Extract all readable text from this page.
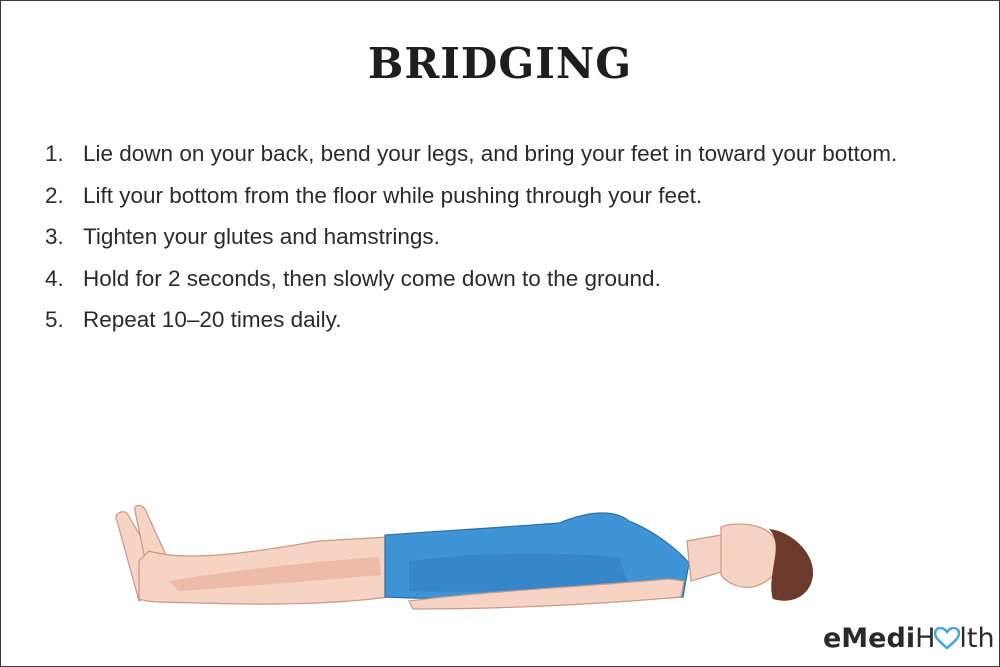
BRIDGING
1. Lie down on your back, bend your legs, and bring your feet in toward your bottom.
2. Lift your bottom from the floor while pushing through your feet.
3. Tighten your glutes and hamstrings.
4. Hold for 2 seconds, then slowly come down to the ground.
5. Repeat 10–20 times daily.
eMediH lth
